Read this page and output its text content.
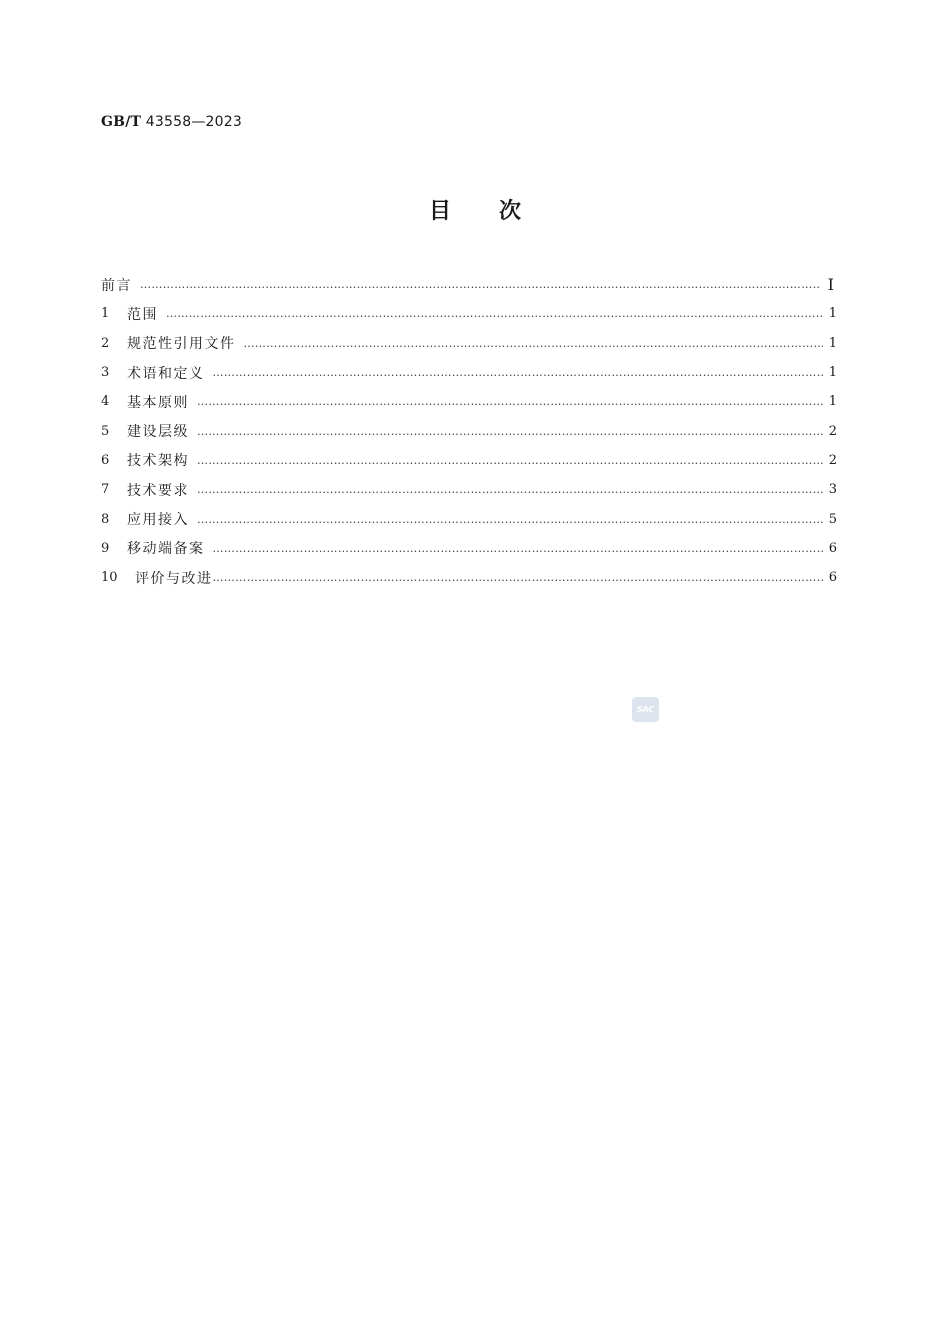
GB/T 43558—2023
目次
前言 ……………………………………………………………………………………………………………………………………………………………………………………………………………………………………	Ⅰ
1	范围 ……………………………………………………………………………………………………………………………………………………………………………………………………………………………………	1
2	规范性引用文件 ……………………………………………………………………………………………………………………………………………………………………………………………………………………………………	1
3	术语和定义 ……………………………………………………………………………………………………………………………………………………………………………………………………………………………………	1
4	基本原则 ……………………………………………………………………………………………………………………………………………………………………………………………………………………………………	1
5	建设层级 ……………………………………………………………………………………………………………………………………………………………………………………………………………………………………	2
6	技术架构 ……………………………………………………………………………………………………………………………………………………………………………………………………………………………………	2
7	技术要求 ……………………………………………………………………………………………………………………………………………………………………………………………………………………………………	3
8	应用接入 ……………………………………………………………………………………………………………………………………………………………………………………………………………………………………	5
9	移动端备案 ……………………………………………………………………………………………………………………………………………………………………………………………………………………………………	6
10	评价与改进 ……………………………………………………………………………………………………………………………………………………………………………………………………………………………………	6
SAC
